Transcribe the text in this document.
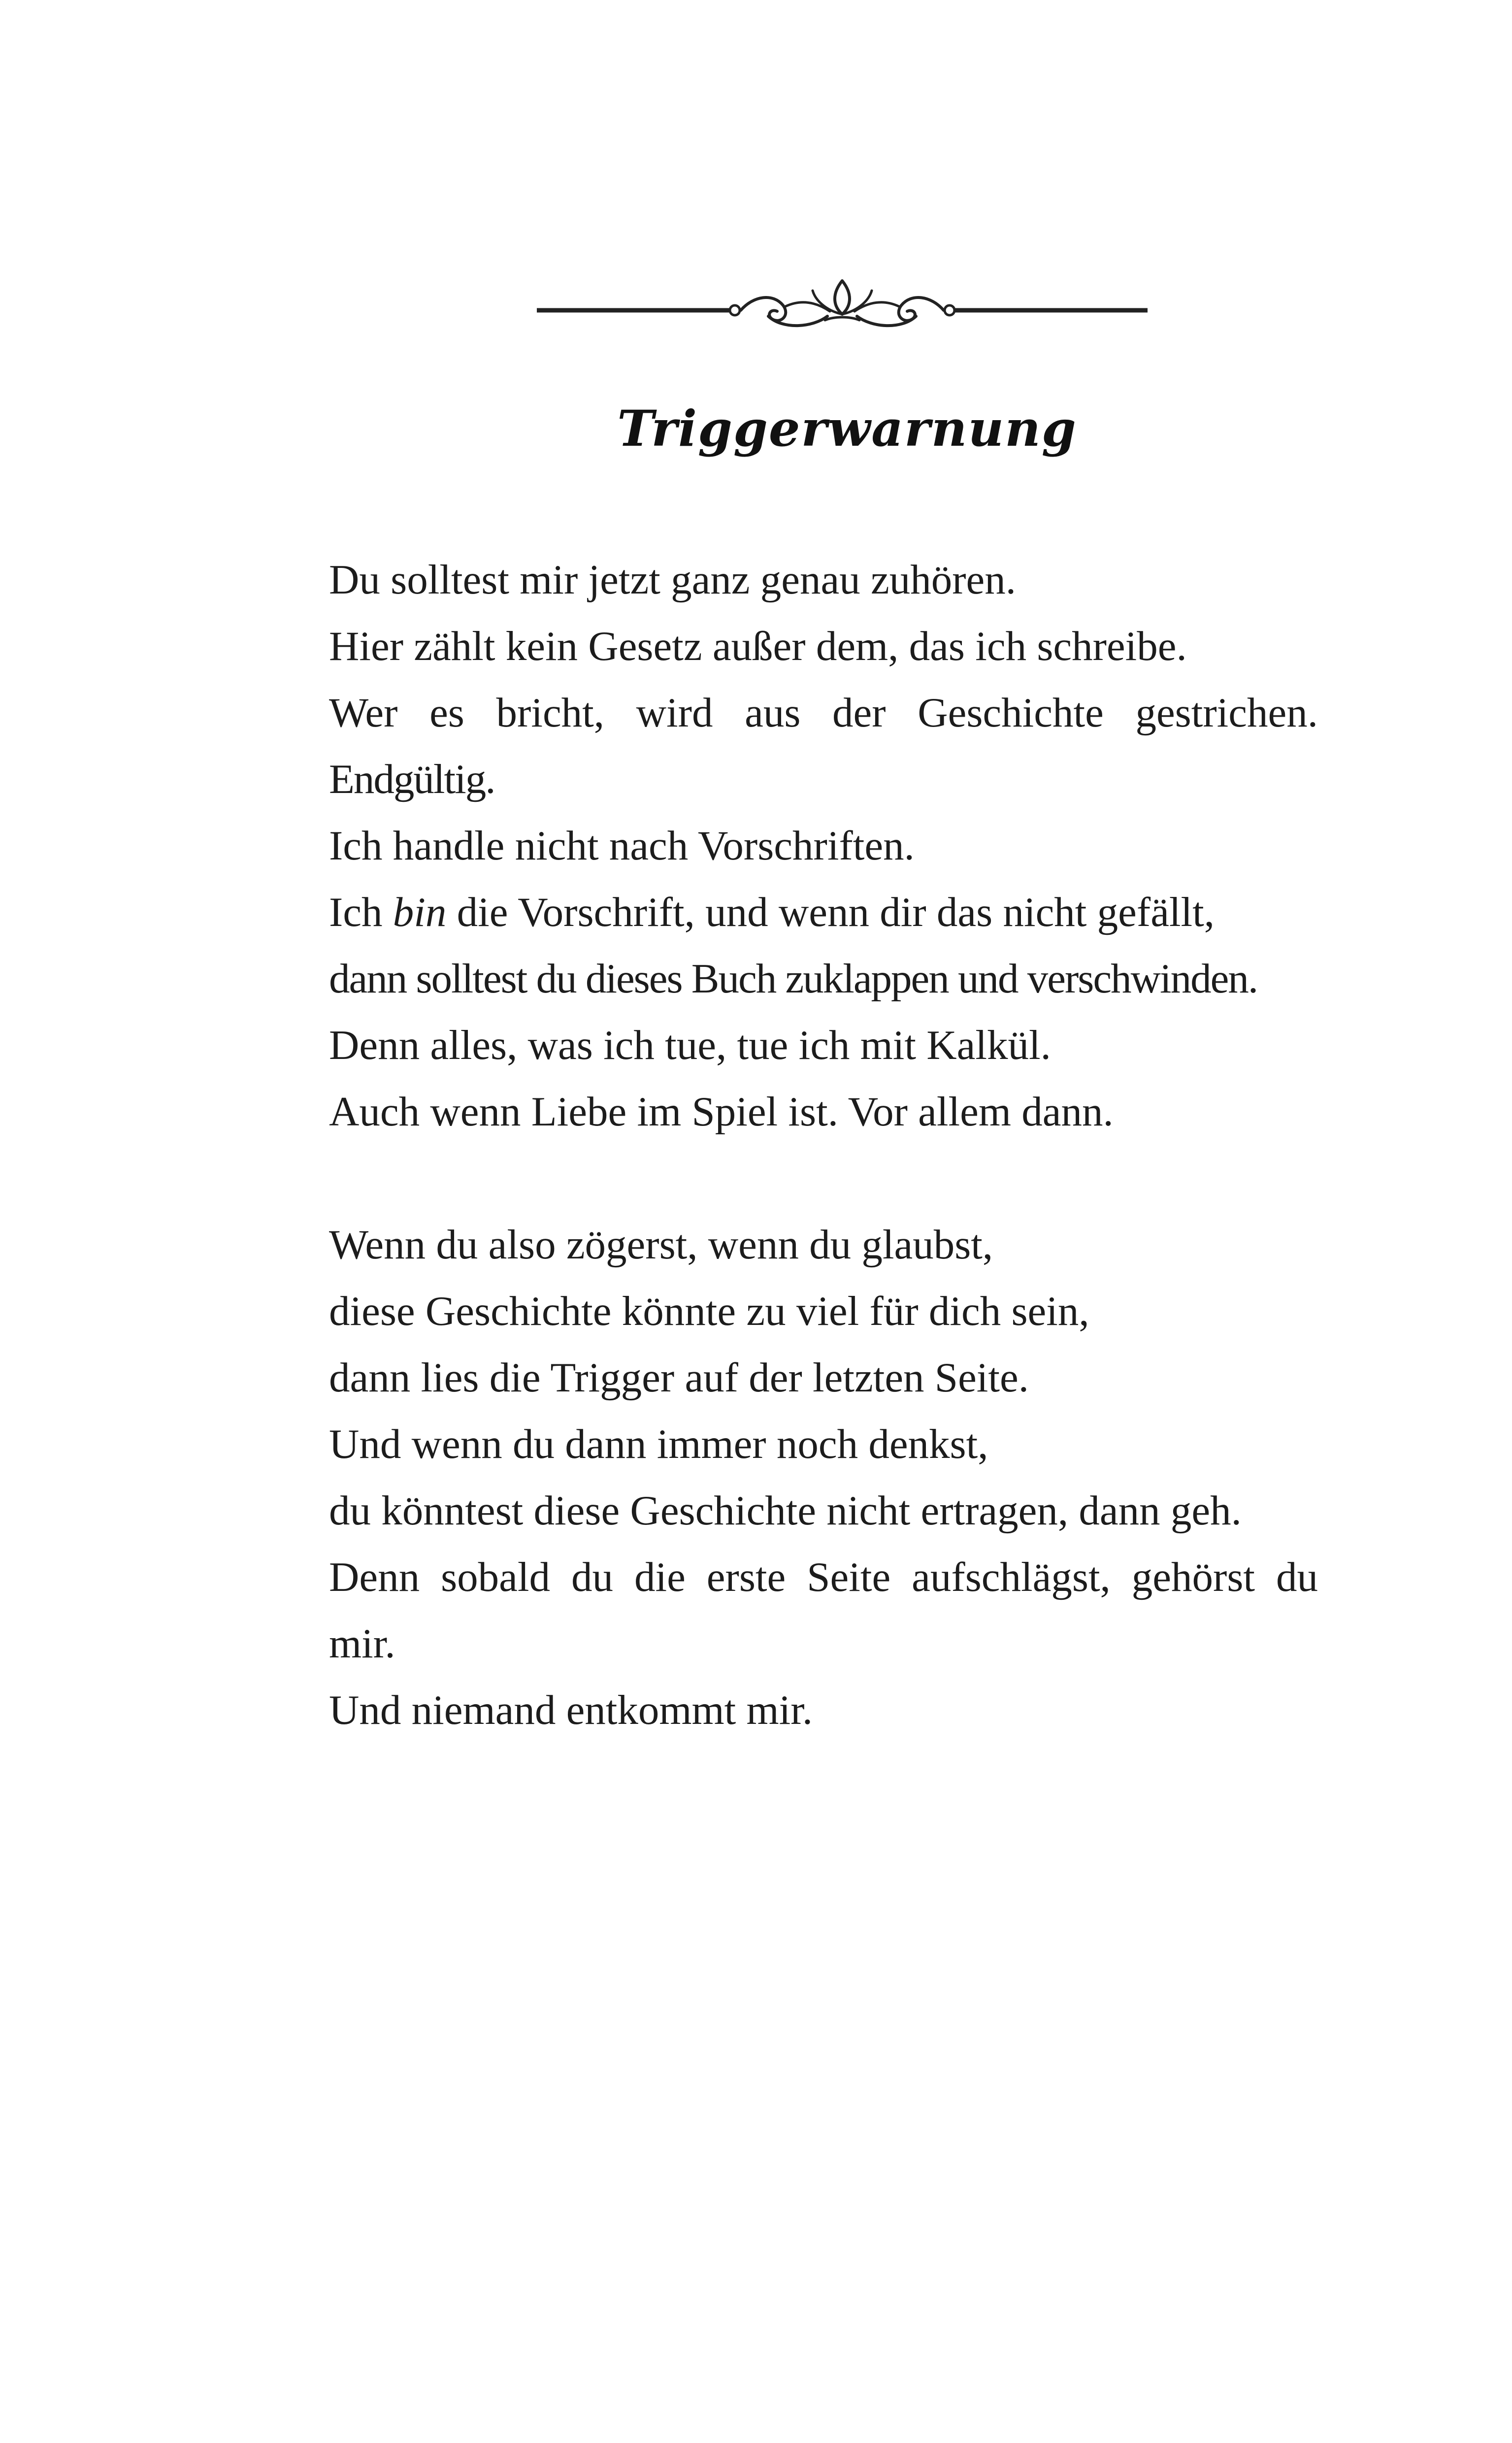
Triggerwarnung
Du solltest mir jetzt ganz genau zuhören.
Hier zählt kein Gesetz außer dem, das ich schreibe.
Wer es bricht, wird aus der Geschichte gestrichen.
Endgültig.
Ich handle nicht nach Vorschriften.
Ich bin die Vorschrift, und wenn dir das nicht gefällt,
dann solltest du dieses Buch zuklappen und verschwinden.
Denn alles, was ich tue, tue ich mit Kalkül.
Auch wenn Liebe im Spiel ist. Vor allem dann.
Wenn du also zögerst, wenn du glaubst,
diese Geschichte könnte zu viel für dich sein,
dann lies die Trigger auf der letzten Seite.
Und wenn du dann immer noch denkst,
du könntest diese Geschichte nicht ertragen, dann geh.
Denn sobald du die erste Seite aufschlägst, gehörst du
mir.
Und niemand entkommt mir.
